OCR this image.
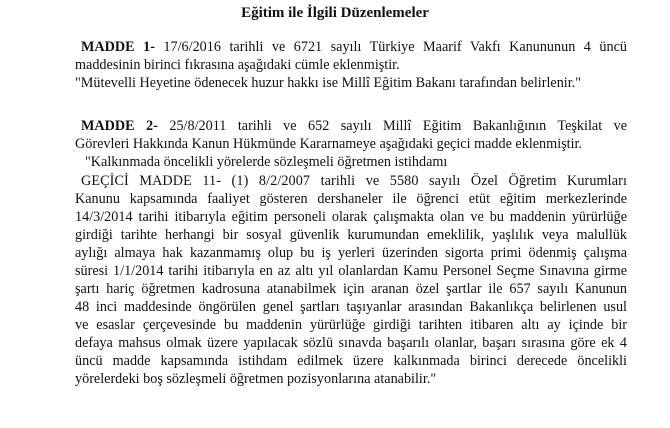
Eğitim ile İlgili Düzenlemeler
MADDE 1- 17/6/2016 tarihli ve 6721 sayılı Türkiye Maarif Vakfı Kanununun 4 üncü
maddesinin birinci fıkrasına aşağıdaki cümle eklenmiştir.
"Mütevelli Heyetine ödenecek huzur hakkı ise Millî Eğitim Bakanı tarafından belirlenir."
MADDE 2- 25/8/2011 tarihli ve 652 sayılı Millî Eğitim Bakanlığının Teşkilat ve
Görevleri Hakkında Kanun Hükmünde Kararnameye aşağıdaki geçici madde eklenmiştir.
"Kalkınmada öncelikli yörelerde sözleşmeli öğretmen istihdamı
GEÇİCİ MADDE 11- (1) 8/2/2007 tarihli ve 5580 sayılı Özel Öğretim Kurumları
Kanunu kapsamında faaliyet gösteren dershaneler ile öğrenci etüt eğitim merkezlerinde
14/3/2014 tarihi itibarıyla eğitim personeli olarak çalışmakta olan ve bu maddenin yürürlüğe
girdiği tarihte herhangi bir sosyal güvenlik kurumundan emeklilik, yaşlılık veya malullük
aylığı almaya hak kazanmamış olup bu iş yerleri üzerinden sigorta primi ödenmiş çalışma
süresi 1/1/2014 tarihi itibarıyla en az altı yıl olanlardan Kamu Personel Seçme Sınavına girme
şartı hariç öğretmen kadrosuna atanabilmek için aranan özel şartlar ile 657 sayılı Kanunun
48 inci maddesinde öngörülen genel şartları taşıyanlar arasından Bakanlıkça belirlenen usul
ve esaslar çerçevesinde bu maddenin yürürlüğe girdiği tarihten itibaren altı ay içinde bir
defaya mahsus olmak üzere yapılacak sözlü sınavda başarılı olanlar, başarı sırasına göre ek 4
üncü madde kapsamında istihdam edilmek üzere kalkınmada birinci derecede öncelikli
yörelerdeki boş sözleşmeli öğretmen pozisyonlarına atanabilir."
